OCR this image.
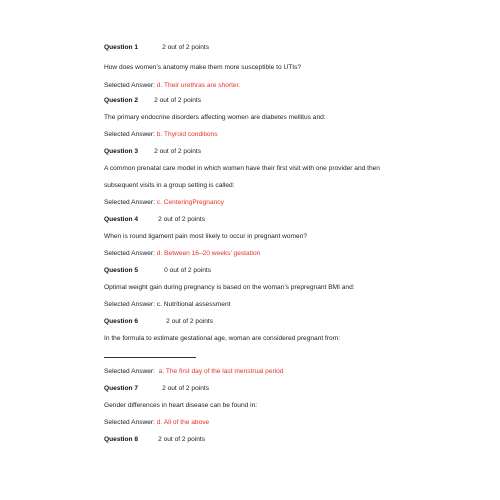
Question 1	2 out of 2 points
How does women’s anatomy make them more susceptible to UTIs?
Selected Answer: d. Their urethras are shorter.
Question 2 2 out of 2 points
The primary endocrine disorders affecting women are diabetes mellitus and:
Selected Answer: b. Thyroid conditions
Question 3 2 out of 2 points
A common prenatal care model in which women have their first visit with one provider and then
subsequent visits in a group setting is called:
Selected Answer: c. CenteringPregnancy
Question 4	2 out of 2 points
When is round ligament pain most likely to occur in pregnant women?
Selected Answer: d. Between 16–20 weeks’ gestation
Question 5	0 out of 2 points
Optimal weight gain during pregnancy is based on the woman’s prepregnant BMI and:
Selected Answer: c. Nutritional assessment
Question 6	2 out of 2 points
In the formula to estimate gestational age, woman are considered pregnant from:
Selected Answer: a. The first day of the last menstrual period
Question 7	2 out of 2 points
Gender differences in heart disease can be found in:
Selected Answer: d. All of the above
Question 8	2 out of 2 points
